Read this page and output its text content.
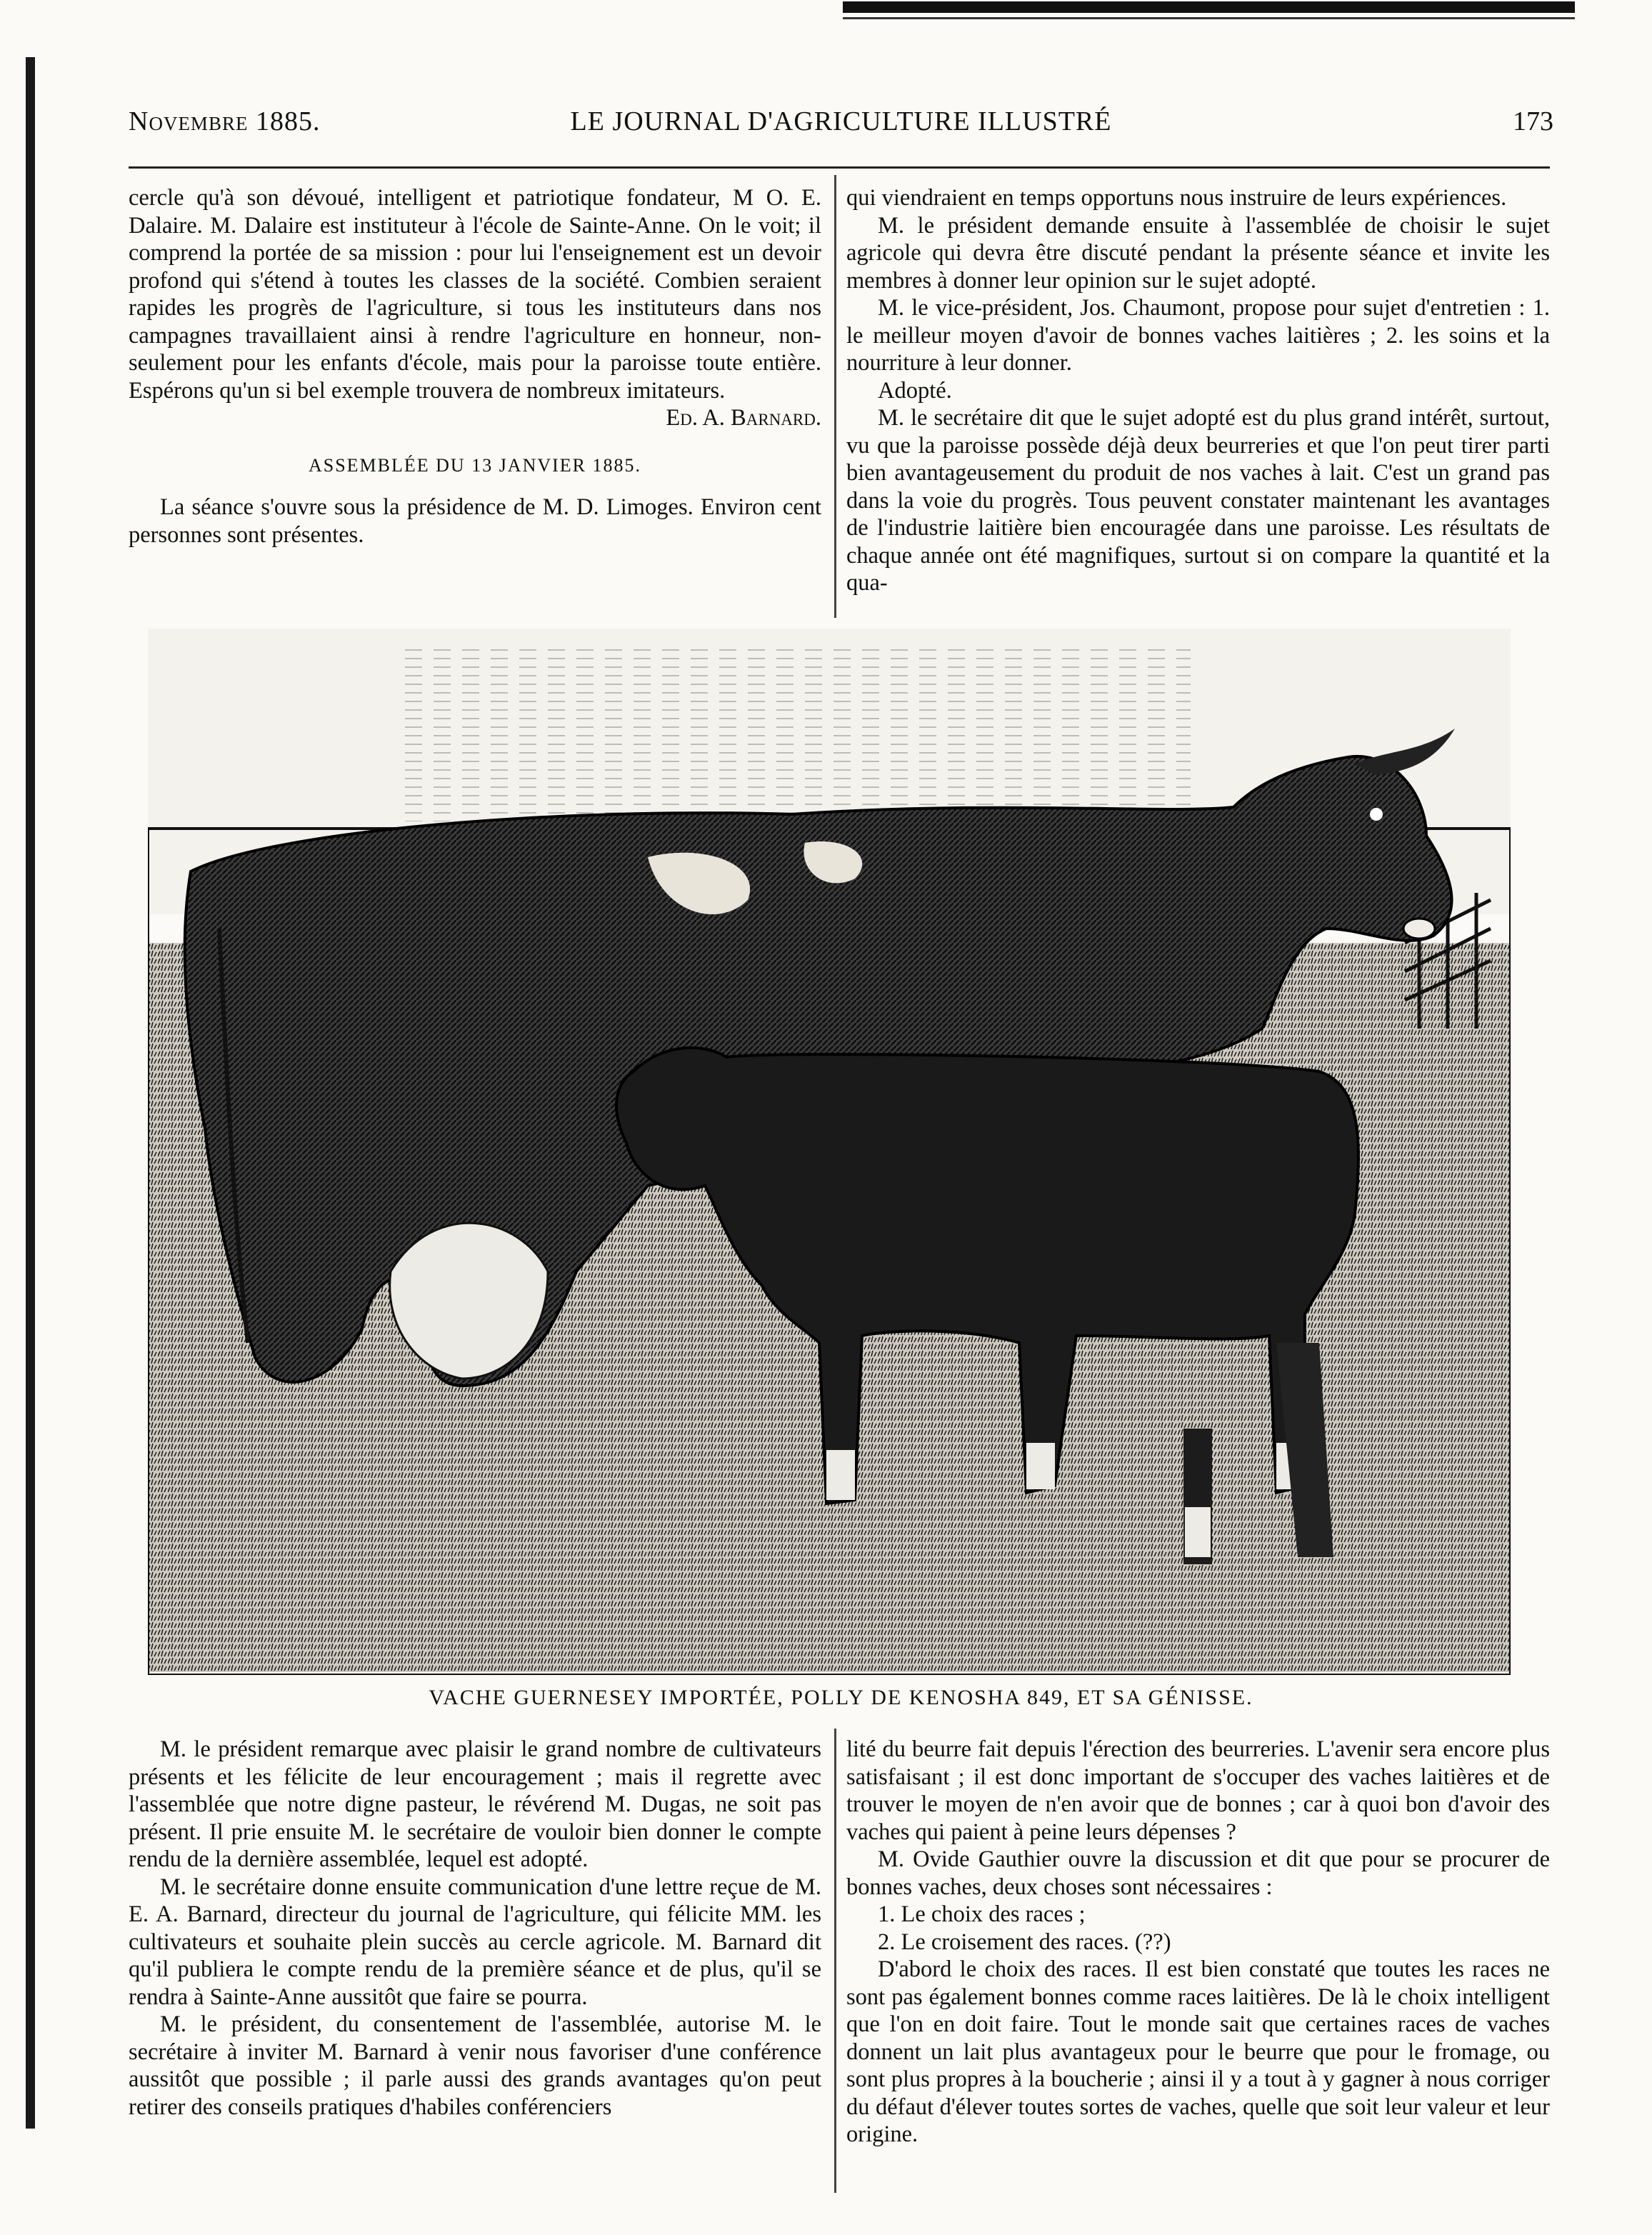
Novembre 1885.	LE JOURNAL D'AGRICULTURE ILLUSTRÉ	173

cercle qu'à son dévoué, intelligent et patriotique fondateur, M O. E. Dalaire. M. Dalaire est instituteur à l'école de Sainte-Anne. On le voit; il comprend la portée de sa mission : pour lui l'enseignement est un devoir profond qui s'étend à toutes les classes de la société. Combien seraient rapides les progrès de l'agriculture, si tous les instituteurs dans nos campagnes travaillaient ainsi à rendre l'agriculture en honneur, non-seulement pour les enfants d'école, mais pour la paroisse toute entière. Espérons qu'un si bel exemple trouvera de nombreux imitateurs.

Ed. A. Barnard.

ASSEMBLÉE DU 13 JANVIER 1885.

La séance s'ouvre sous la présidence de M. D. Limoges. Environ cent personnes sont présentes.

qui viendraient en temps opportuns nous instruire de leurs expériences.

M. le président demande ensuite à l'assemblée de choisir le sujet agricole qui devra être discuté pendant la présente séance et invite les membres à donner leur opinion sur le sujet adopté.

M. le vice-président, Jos. Chaumont, propose pour sujet d'entretien : 1. le meilleur moyen d'avoir de bonnes vaches laitières ; 2. les soins et la nourriture à leur donner.

Adopté.

M. le secrétaire dit que le sujet adopté est du plus grand intérêt, surtout, vu que la paroisse possède déjà deux beurreries et que l'on peut tirer parti bien avantageusement du produit de nos vaches à lait. C'est un grand pas dans la voie du progrès. Tous peuvent constater maintenant les avantages de l'industrie laitière bien encouragée dans une paroisse. Les résultats de chaque année ont été magnifiques, surtout si on compare la quantité et la qua-

VACHE GUERNESEY IMPORTÉE, POLLY DE KENOSHA 849, ET SA GÉNISSE.

M. le président remarque avec plaisir le grand nombre de cultivateurs présents et les félicite de leur encouragement ; mais il regrette avec l'assemblée que notre digne pasteur, le révérend M. Dugas, ne soit pas présent. Il prie ensuite M. le secrétaire de vouloir bien donner le compte rendu de la dernière assemblée, lequel est adopté.

M. le secrétaire donne ensuite communication d'une lettre reçue de M. E. A. Barnard, directeur du journal de l'agriculture, qui félicite MM. les cultivateurs et souhaite plein succès au cercle agricole. M. Barnard dit qu'il publiera le compte rendu de la première séance et de plus, qu'il se rendra à Sainte-Anne aussitôt que faire se pourra.

M. le président, du consentement de l'assemblée, autorise M. le secrétaire à inviter M. Barnard à venir nous favoriser d'une conférence aussitôt que possible ; il parle aussi des grands avantages qu'on peut retirer des conseils pratiques d'habiles conférenciers

lité du beurre fait depuis l'érection des beurreries. L'avenir sera encore plus satisfaisant ; il est donc important de s'occuper des vaches laitières et de trouver le moyen de n'en avoir que de bonnes ; car à quoi bon d'avoir des vaches qui paient à peine leurs dépenses ?

M. Ovide Gauthier ouvre la discussion et dit que pour se procurer de bonnes vaches, deux choses sont nécessaires :

1. Le choix des races ;

2. Le croisement des races. (??)

D'abord le choix des races. Il est bien constaté que toutes les races ne sont pas également bonnes comme races laitières. De là le choix intelligent que l'on en doit faire. Tout le monde sait que certaines races de vaches donnent un lait plus avantageux pour le beurre que pour le fromage, ou sont plus propres à la boucherie ; ainsi il y a tout à y gagner à nous corriger du défaut d'élever toutes sortes de vaches, quelle que soit leur valeur et leur origine.
